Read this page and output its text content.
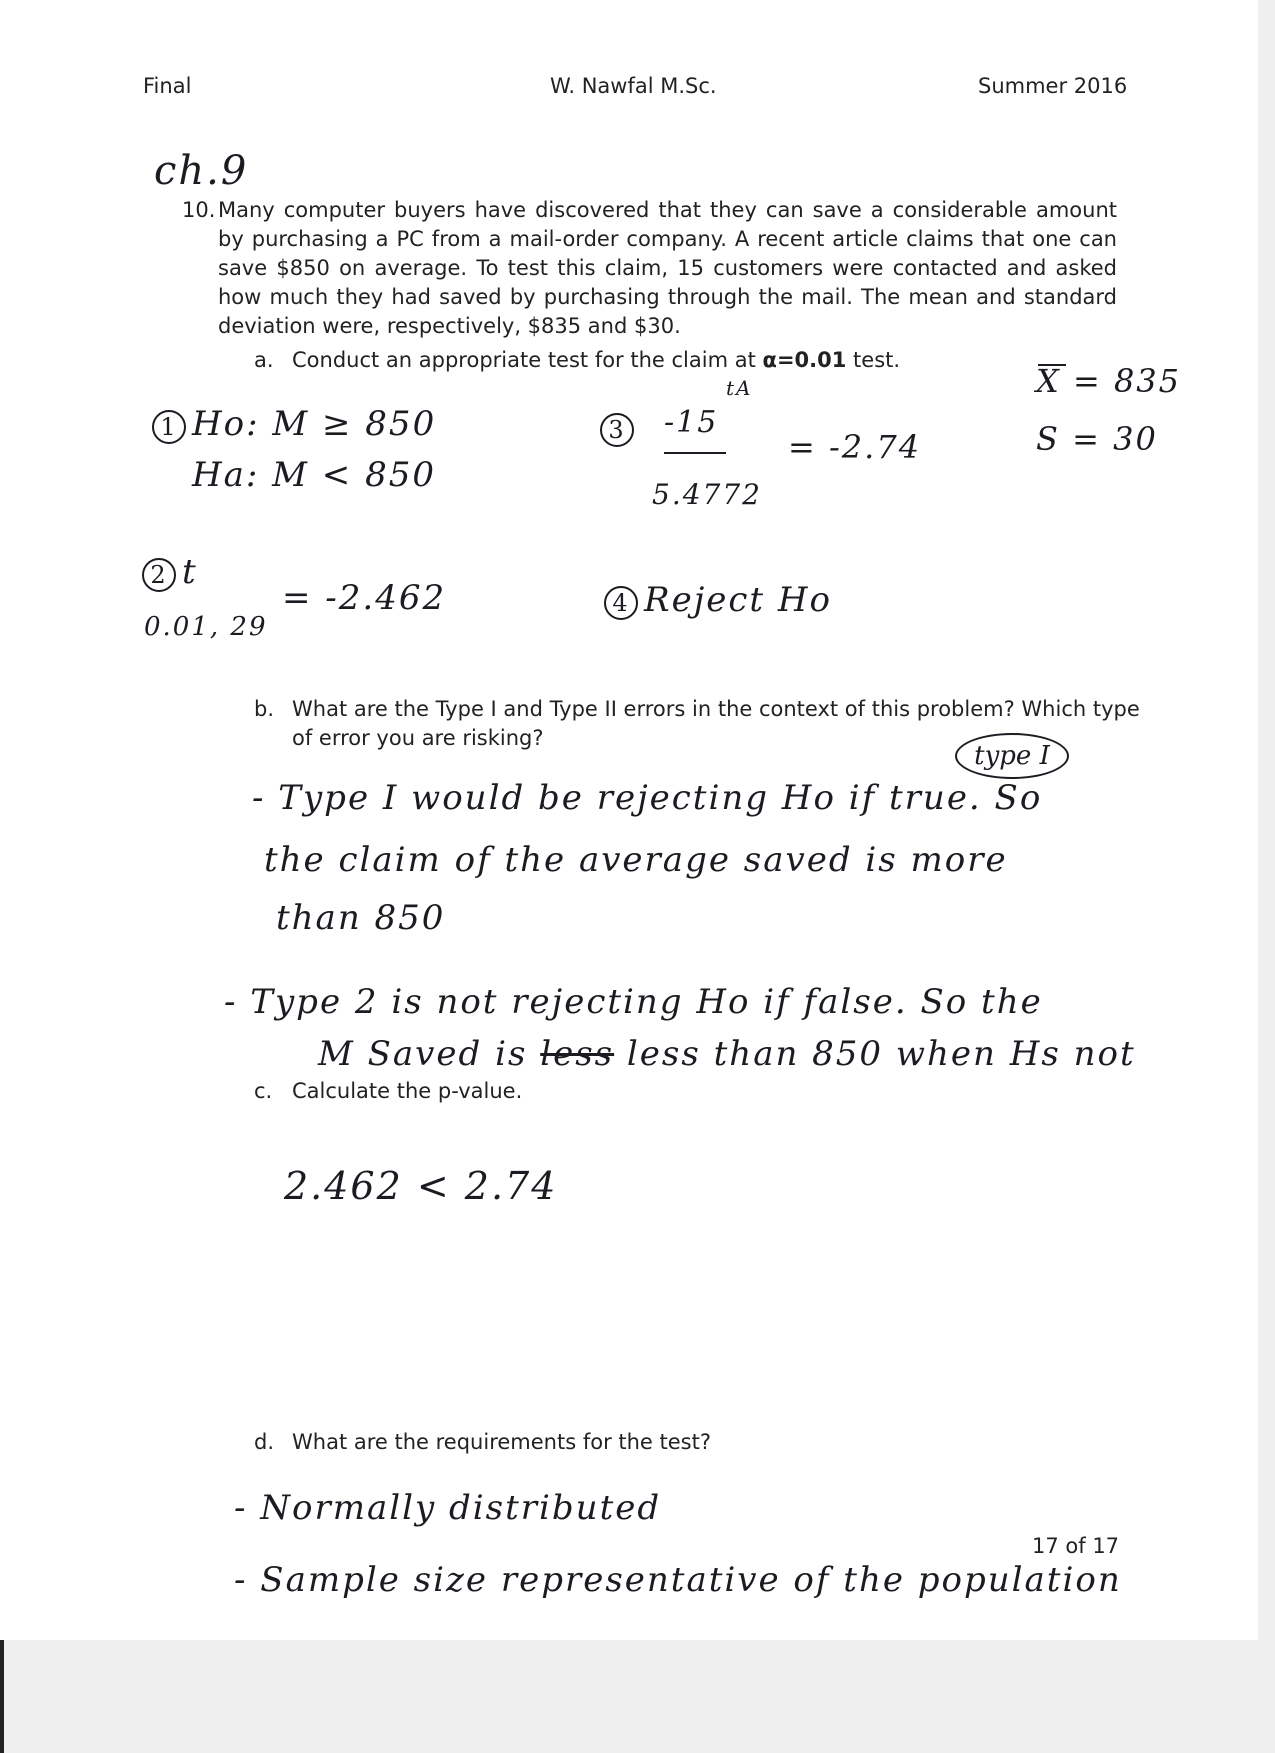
Final	W. Nawfal M.Sc.	Summer 2016
ch.9
10. Many computer buyers have discovered that they can save a considerable amount by purchasing a PC from a mail-order company. A recent article claims that one can save $850 on average. To test this claim, 15 customers were contacted and asked how much they had saved by purchasing through the mail. The mean and standard deviation were, respectively, $835 and $30.
a. Conduct an appropriate test for the claim at α=0.01 test.
X = 835
S = 30
1 Ho: M ≥ 850
Ha: M < 850
3
tA
-15
5.4772
= -2.74
2 t
0.01, 29
= -2.462	4 Reject Ho
b. What are the Type I and Type II errors in the context of this problem? Which type
of error you are risking?
type I
- Type I would be rejecting Ho if true. So
the claim of the average saved is more
than 850
- Type 2 is not rejecting Ho if false. So the
M Saved is less less than 850 when Hs not
c. Calculate the p-value.
2.462 < 2.74
d. What are the requirements for the test?
- Normally distributed
- Sample size representative of the population
17 of 17
